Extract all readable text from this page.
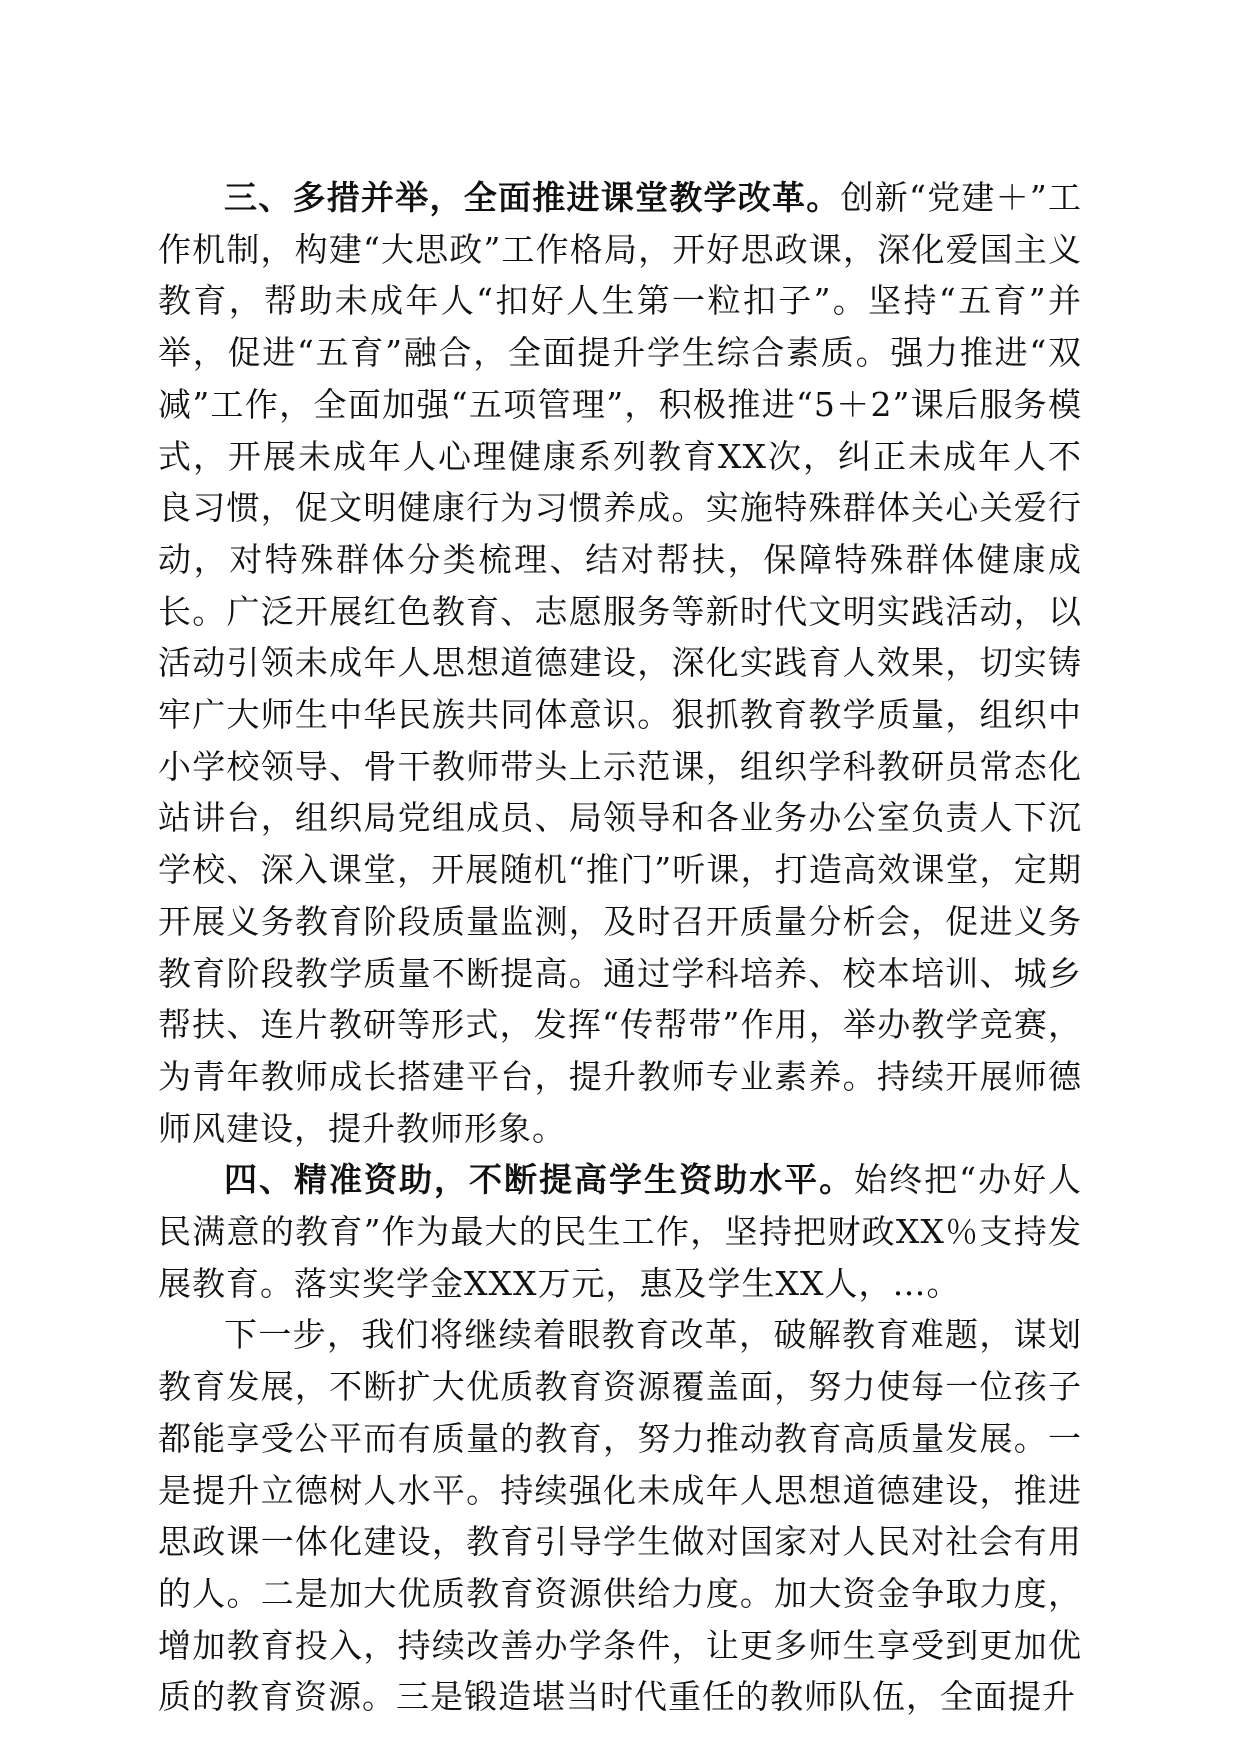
三、多措并举，全面推进课堂教学改革。创新“党建＋”工作机制，构建“大思政”工作格局，开好思政课，深化爱国主义教育，帮助未成年人“扣好人生第一粒扣子”。坚持“五育”并举，促进“五育”融合，全面提升学生综合素质。强力推进“双减”工作，全面加强“五项管理”，积极推进“5＋2”课后服务模式，开展未成年人心理健康系列教育XX次，纠正未成年人不良习惯，促文明健康行为习惯养成。实施特殊群体关心关爱行动，对特殊群体分类梳理、结对帮扶，保障特殊群体健康成长。广泛开展红色教育、志愿服务等新时代文明实践活动，以活动引领未成年人思想道德建设，深化实践育人效果，切实铸牢广大师生中华民族共同体意识。狠抓教育教学质量，组织中小学校领导、骨干教师带头上示范课，组织学科教研员常态化站讲台，组织局党组成员、局领导和各业务办公室负责人下沉学校、深入课堂，开展随机“推门”听课，打造高效课堂，定期开展义务教育阶段质量监测，及时召开质量分析会，促进义务教育阶段教学质量不断提高。通过学科培养、校本培训、城乡帮扶、连片教研等形式，发挥“传帮带”作用，举办教学竞赛，为青年教师成长搭建平台，提升教师专业素养。持续开展师德师风建设，提升教师形象。

四、精准资助，不断提高学生资助水平。始终把“办好人民满意的教育”作为最大的民生工作，坚持把财政XX％支持发展教育。落实奖学金XXX万元，惠及学生XX人，…。

下一步，我们将继续着眼教育改革，破解教育难题，谋划教育发展，不断扩大优质教育资源覆盖面，努力使每一位孩子都能享受公平而有质量的教育，努力推动教育高质量发展。一是提升立德树人水平。持续强化未成年人思想道德建设，推进思政课一体化建设，教育引导学生做对国家对人民对社会有用的人。二是加大优质教育资源供给力度。加大资金争取力度，增加教育投入，持续改善办学条件，让更多师生享受到更加优质的教育资源。三是锻造堪当时代重任的教师队伍，全面提升
